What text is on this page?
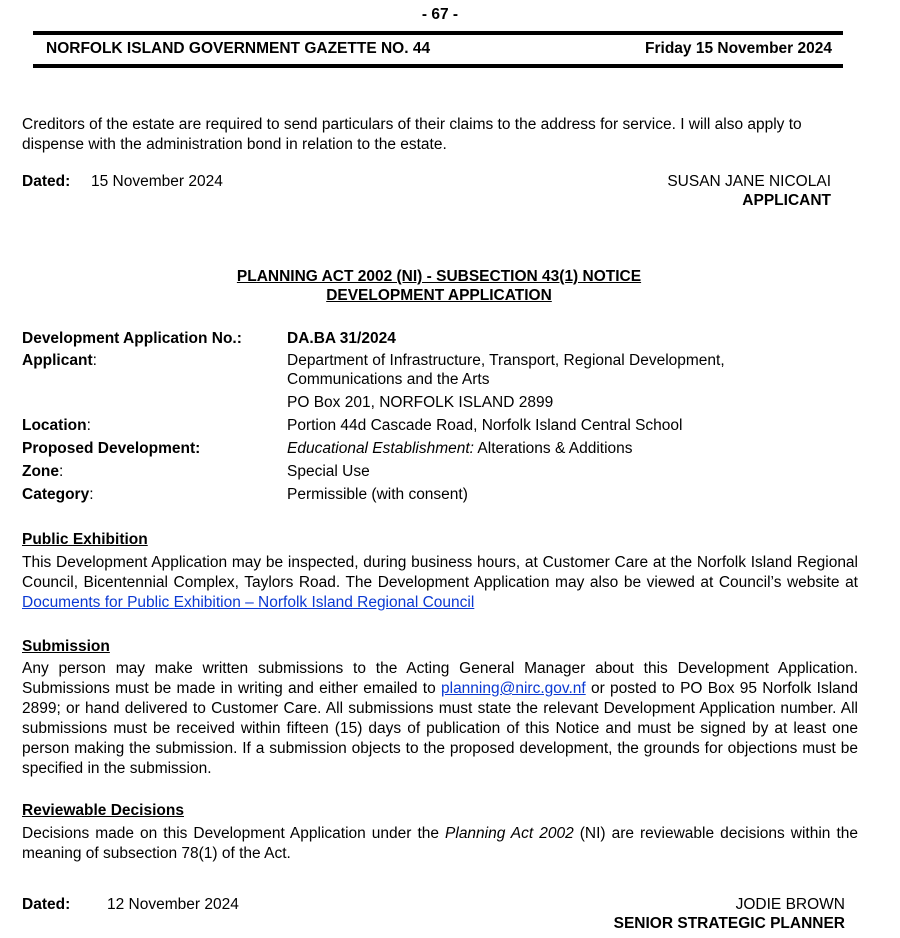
- 67 -
NORFOLK ISLAND GOVERNMENT GAZETTE NO. 44	Friday 15 November 2024
Creditors of the estate are required to send particulars of their claims to the address for service. I will also apply to dispense with the administration bond in relation to the estate.
Dated: 15 November 2024	SUSAN JANE NICOLAI
APPLICANT
PLANNING ACT 2002 (NI) - SUBSECTION 43(1) NOTICE
DEVELOPMENT APPLICATION
Development Application No.:	DA.BA 31/2024
Applicant:	Department of Infrastructure, Transport, Regional Development,
Communications and the Arts
PO Box 201, NORFOLK ISLAND 2899
Location:	Portion 44d Cascade Road, Norfolk Island Central School
Proposed Development:	Educational Establishment: Alterations & Additions
Zone:	Special Use
Category:	Permissible (with consent)
Public Exhibition
This Development Application may be inspected, during business hours, at Customer Care at the Norfolk Island Regional Council, Bicentennial Complex, Taylors Road. The Development Application may also be viewed at Council’s website at Documents for Public Exhibition – Norfolk Island Regional Council
Submission
Any person may make written submissions to the Acting General Manager about this Development Application. Submissions must be made in writing and either emailed to planning@nirc.gov.nf or posted to PO Box 95 Norfolk Island 2899; or hand delivered to Customer Care. All submissions must state the relevant Development Application number. All submissions must be received within fifteen (15) days of publication of this Notice and must be signed by at least one person making the submission. If a submission objects to the proposed development, the grounds for objections must be specified in the submission.
Reviewable Decisions
Decisions made on this Development Application under the Planning Act 2002 (NI) are reviewable decisions within the meaning of subsection 78(1) of the Act.
Dated: 12 November 2024	JODIE BROWN
SENIOR STRATEGIC PLANNER
